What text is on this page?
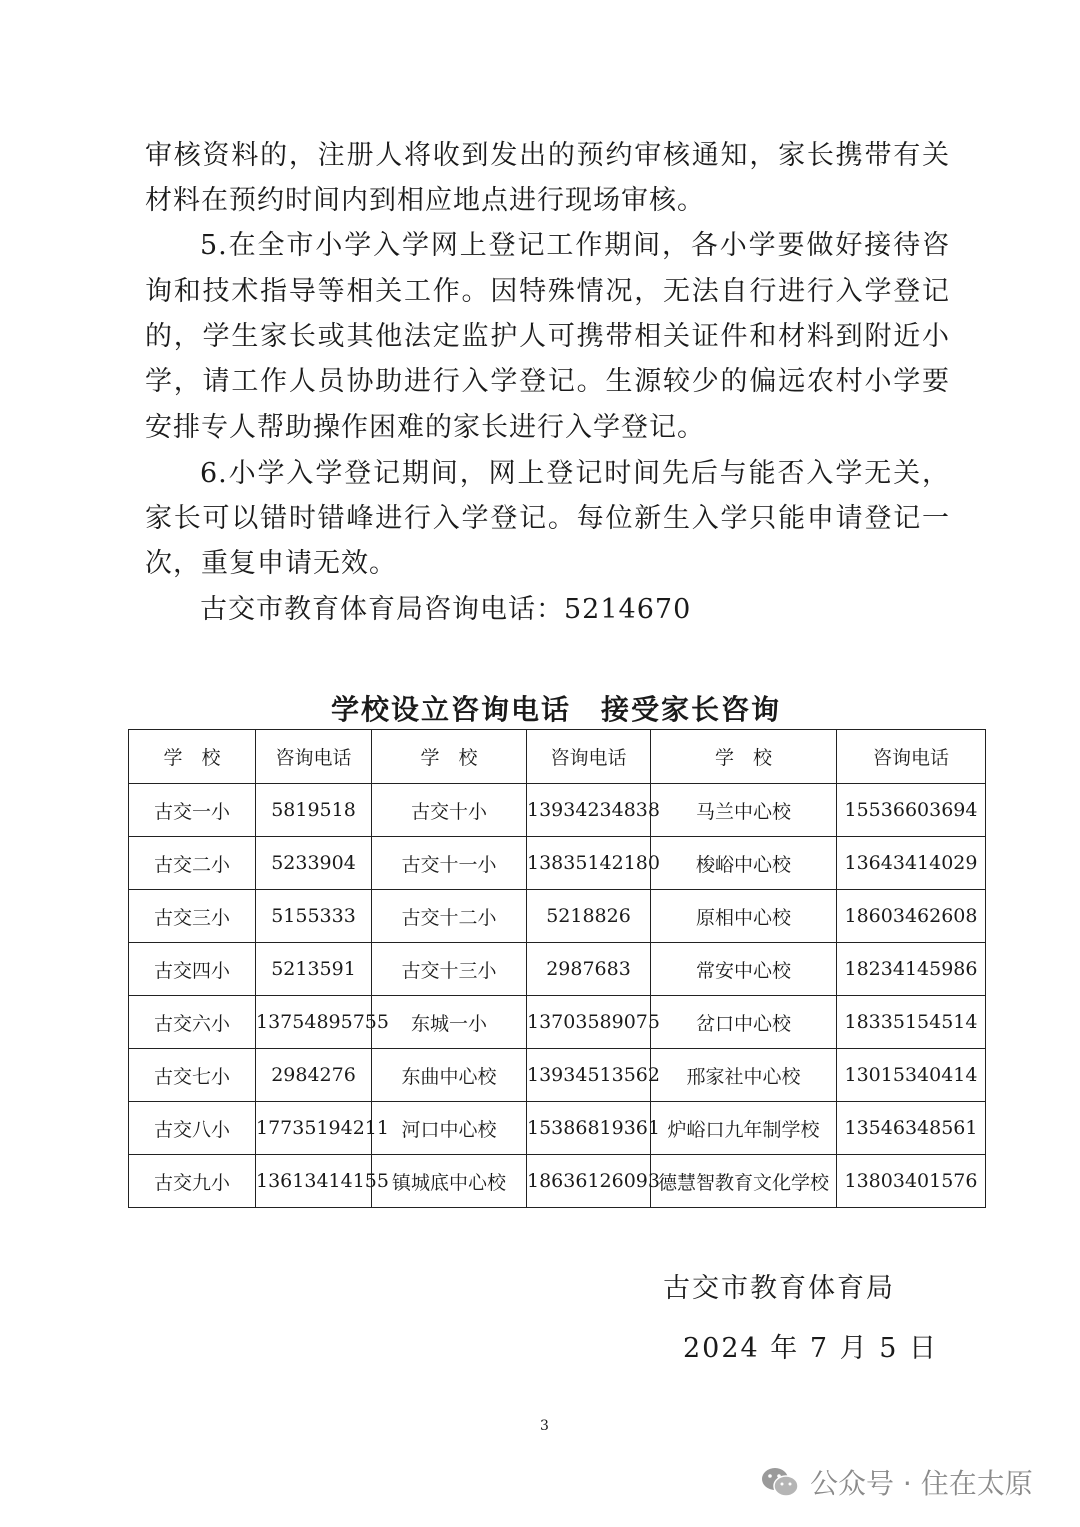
审核资料的，注册人将收到发出的预约审核通知，家长携带有关
材料在预约时间内到相应地点进行现场审核。
5.在全市小学入学网上登记工作期间，各小学要做好接待咨
询和技术指导等相关工作。因特殊情况，无法自行进行入学登记
的，学生家长或其他法定监护人可携带相关证件和材料到附近小
学，请工作人员协助进行入学登记。生源较少的偏远农村小学要
安排专人帮助操作困难的家长进行入学登记。
6.小学入学登记期间，网上登记时间先后与能否入学无关，
家长可以错时错峰进行入学登记。每位新生入学只能申请登记一
次，重复申请无效。
古交市教育体育局咨询电话：5214670
学校设立咨询电话　接受家长咨询
学　校	咨询电话	学　校	咨询电话	学　校	咨询电话
古交一小	5819518	古交十小	13934234838	马兰中心校	15536603694
古交二小	5233904	古交十一小	13835142180	梭峪中心校	13643414029
古交三小	5155333	古交十二小	5218826	原相中心校	18603462608
古交四小	5213591	古交十三小	2987683	常安中心校	18234145986
古交六小	13754895755	东城一小	13703589075	岔口中心校	18335154514
古交七小	2984276	东曲中心校	13934513562	邢家社中心校	13015340414
古交八小	17735194211	河口中心校	15386819361	炉峪口九年制学校	13546348561
古交九小	13613414155	镇城底中心校	18636126093	德慧智教育文化学校	13803401576
古交市教育体育局
2024 年 7 月 5 日
3
公众号 · 住在太原
